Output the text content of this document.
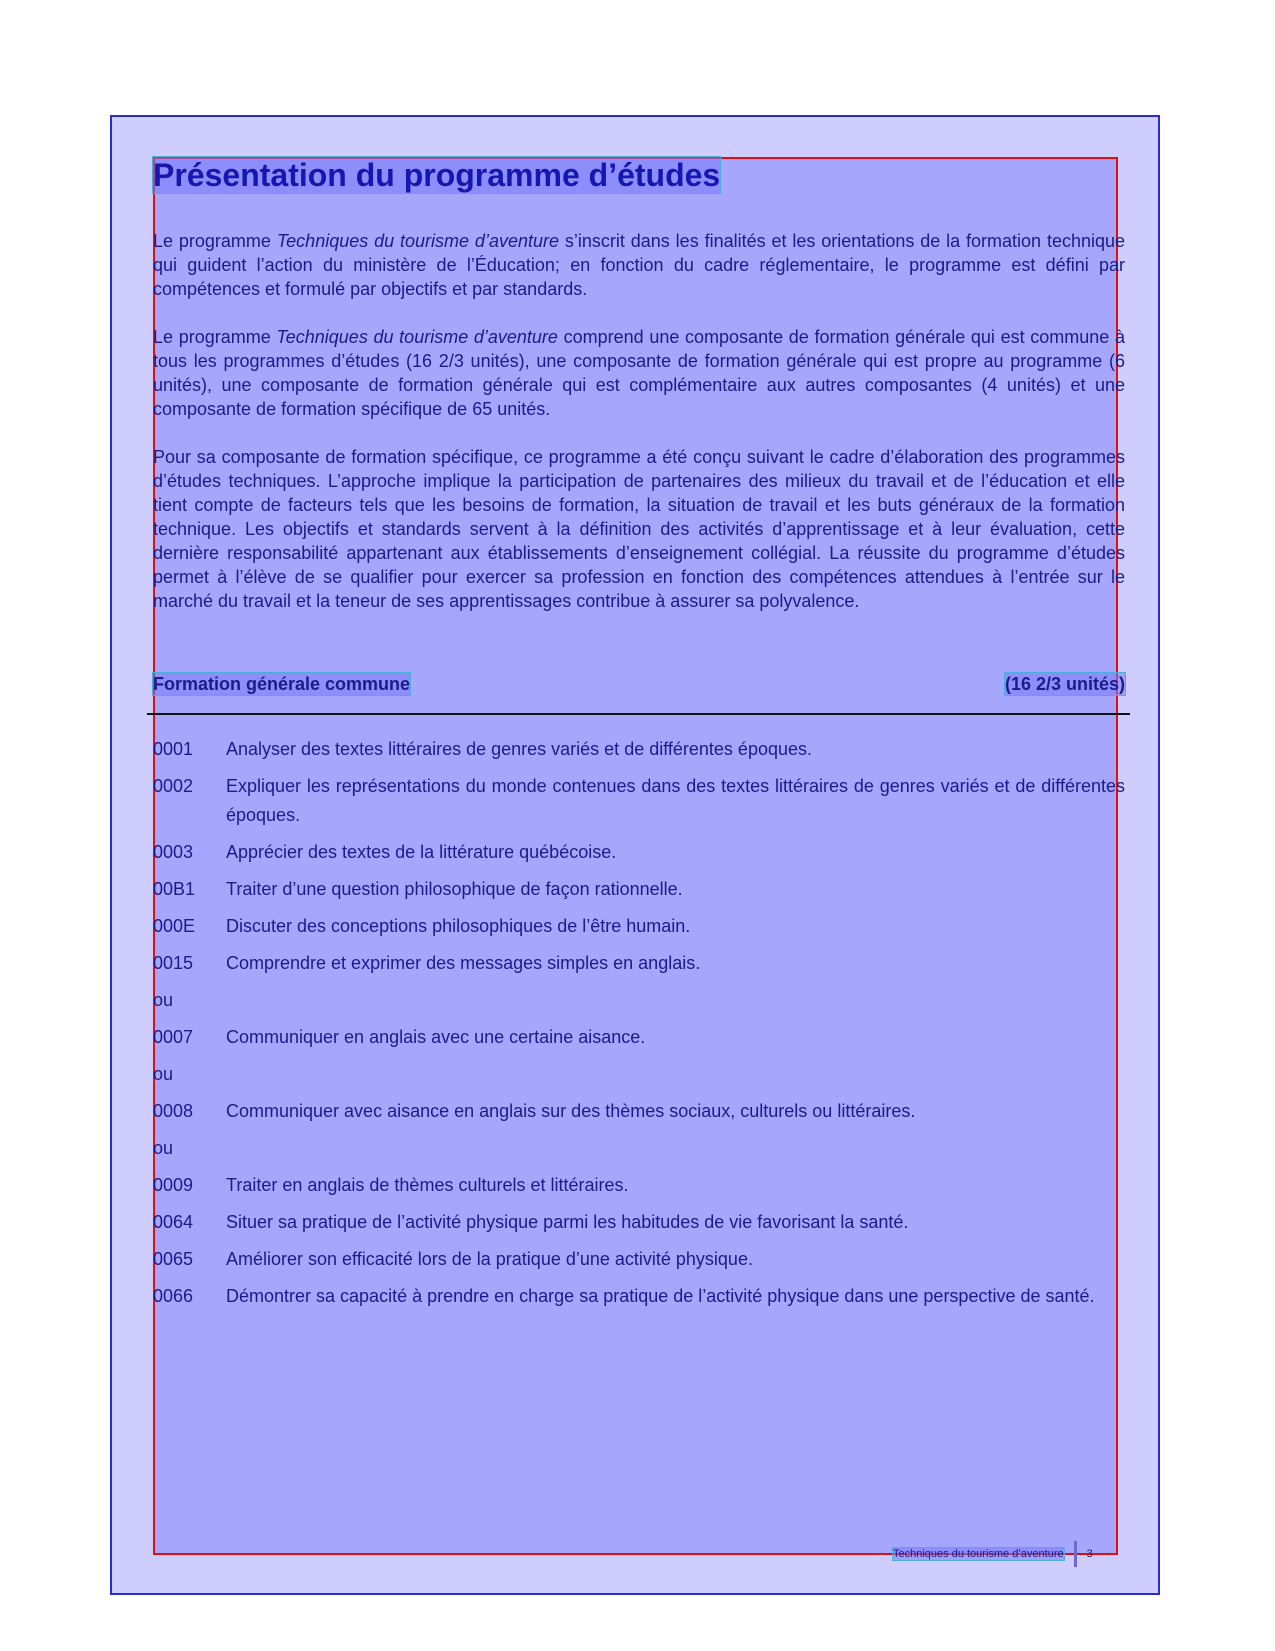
Présentation du programme d’études

Le programme Techniques du tourisme d’aventure s’inscrit dans les finalités et les orientations de la formation technique qui guident l’action du ministère de l’Éducation; en fonction du cadre réglementaire, le programme est défini par compétences et formulé par objectifs et par standards.

Le programme Techniques du tourisme d’aventure comprend une composante de formation générale qui est commune à tous les programmes d’études (16 2/3 unités), une composante de formation générale qui est propre au programme (6 unités), une composante de formation générale qui est complémentaire aux autres composantes (4 unités) et une composante de formation spécifique de 65 unités.

Pour sa composante de formation spécifique, ce programme a été conçu suivant le cadre d’élaboration des programmes d’études techniques. L’approche implique la participation de partenaires des milieux du travail et de l’éducation et elle tient compte de facteurs tels que les besoins de formation, la situation de travail et les buts généraux de la formation technique. Les objectifs et standards servent à la définition des activités d’apprentissage et à leur évaluation, cette dernière responsabilité appartenant aux établissements d’enseignement collégial. La réussite du programme d’études permet à l’élève de se qualifier pour exercer sa profession en fonction des compétences attendues à l’entrée sur le marché du travail et la teneur de ses apprentissages contribue à assurer sa polyvalence.

Formation générale commune	(16 2/3 unités)
0001	Analyser des textes littéraires de genres variés et de différentes époques.
0002	Expliquer les représentations du monde contenues dans des textes littéraires de genres variés et de différentes époques.
0003	Apprécier des textes de la littérature québécoise.
00B1	Traiter d’une question philosophique de façon rationnelle.
000E	Discuter des conceptions philosophiques de l’être humain.
0015	Comprendre et exprimer des messages simples en anglais.
ou
0007	Communiquer en anglais avec une certaine aisance.
ou
0008	Communiquer avec aisance en anglais sur des thèmes sociaux, culturels ou littéraires.
ou
0009	Traiter en anglais de thèmes culturels et littéraires.
0064	Situer sa pratique de l’activité physique parmi les habitudes de vie favorisant la santé.
0065	Améliorer son efficacité lors de la pratique d’une activité physique.
0066	Démontrer sa capacité à prendre en charge sa pratique de l’activité physique dans une perspective de santé.
Techniques du tourisme d’aventure 3
